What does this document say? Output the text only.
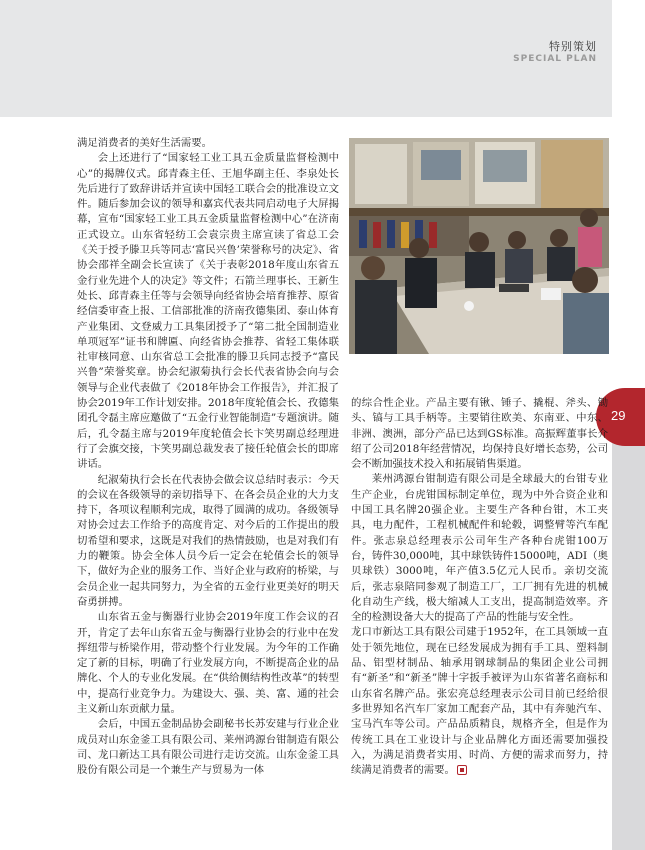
特别策划
SPECIAL PLAN
29

满足消费者的美好生活需要。

会上还进行了“国家轻工业工具五金质量监督检测中心”的揭牌仪式。邱青森主任、王旭华副主任、李泉处长先后进行了致辞讲话并宣读中国轻工联合会的批准设立文件。随后参加会议的领导和嘉宾代表共同启动电子大屏揭幕，宣布“国家轻工业工具五金质量监督检测中心”在济南正式设立。山东省轻纺工会袁宗贵主席宣读了省总工会《关于授予滕卫兵等同志‘富民兴鲁’荣誉称号的决定》、省协会邵祥全副会长宣读了《关于表彰2018年度山东省五金行业先进个人的决定》等文件；石箭兰理事长、王新生处长、邱青森主任等与会领导向经省协会培育推荐、原省经信委审查上报、工信部批准的济南孜德集团、泰山体育产业集团、文登威力工具集团授予了“第二批全国制造业单项冠军”证书和牌匾、向经省协会推荐、省轻工集体联社审核同意、山东省总工会批准的滕卫兵同志授予“富民兴鲁”荣誉奖章。协会纪淑菊执行会长代表省协会向与会领导与企业代表做了《2018年协会工作报告》，并汇报了协会2019年工作计划安排。2018年度轮值会长、孜德集团孔令磊主席应邀做了“五金行业智能制造”专题演讲。随后，孔令磊主席与2019年度轮值会长卞笑男副总经理进行了会旗交接，卞笑男副总裁发表了接任轮值会长的即席讲话。

纪淑菊执行会长在代表协会做会议总结时表示：今天的会议在各级领导的亲切指导下、在各会员企业的大力支持下，各项议程顺利完成，取得了圆满的成功。各级领导对协会过去工作给予的高度肯定、对今后的工作提出的殷切希望和要求，这既是对我们的热情鼓励，也是对我们有力的鞭策。协会全体人员今后一定会在轮值会长的领导下，做好为企业的服务工作、当好企业与政府的桥梁，与会员企业一起共同努力，为全省的五金行业更美好的明天奋勇拼搏。

山东省五金与衡器行业协会2019年度工作会议的召开，肯定了去年山东省五金与衡器行业协会的行业中在发挥纽带与桥梁作用，带动整个行业发展。为今年的工作确定了新的目标，明确了行业发展方向，不断提高企业的品牌化、个人的专业化发展。在“供给侧结构性改革”的转型中，提高行业竞争力。为建设大、强、美、富、通的社会主义新山东贡献力量。

会后，中国五金制品协会副秘书长苏安建与行业企业成员对山东金釜工具有限公司、莱州鸿源台钳制造有限公司、龙口新达工具有限公司进行走访交流。山东金釜工具股份有限公司是一个兼生产与贸易为一体

的综合性企业。产品主要有锹、锤子、撬棍、斧头、锄头、镐与工具手柄等。主要销往欧美、东南亚、中东、非洲、澳洲，部分产品已达到GS标准。高振辉董事长介绍了公司2018年经营情况，均保持良好增长态势，公司会不断加强技术投入和拓展销售渠道。

莱州鸿源台钳制造有限公司是全球最大的台钳专业生产企业，台虎钳国标制定单位，现为中外合资企业和中国工具名牌20强企业。主要生产各种台钳，木工夹具，电力配件，工程机械配件和轮毂，调整臂等汽车配件。张志泉总经理表示公司年生产各种台虎钳100万台，铸件30,000吨，其中球铁铸件15000吨，ADI（奥贝球铁）3000吨，年产值3.5亿元人民币。亲切交流后，张志泉陪同参观了制造工厂，工厂拥有先进的机械化自动生产线，极大缩减人工支出，提高制造效率。齐全的检测设备大大的提高了产品的性能与安全性。

龙口市新达工具有限公司建于1952年，在工具领域一直处于领先地位，现在已经发展成为拥有手工具、塑料制品、铝型材制品、轴承用钢球制品的集团企业公司拥有“新圣”和“新圣”牌十字扳手被评为山东省著名商标和山东省名牌产品。张宏亮总经理表示公司目前已经给很多世界知名汽车厂家加工配套产品，其中有奔驰汽车、宝马汽车等公司。产品品质精良，规格齐全，但是作为传统工具在工业设计与企业品牌化方面还需要加强投入，为满足消费者实用、时尚、方便的需求而努力，持续满足消费者的需要。
